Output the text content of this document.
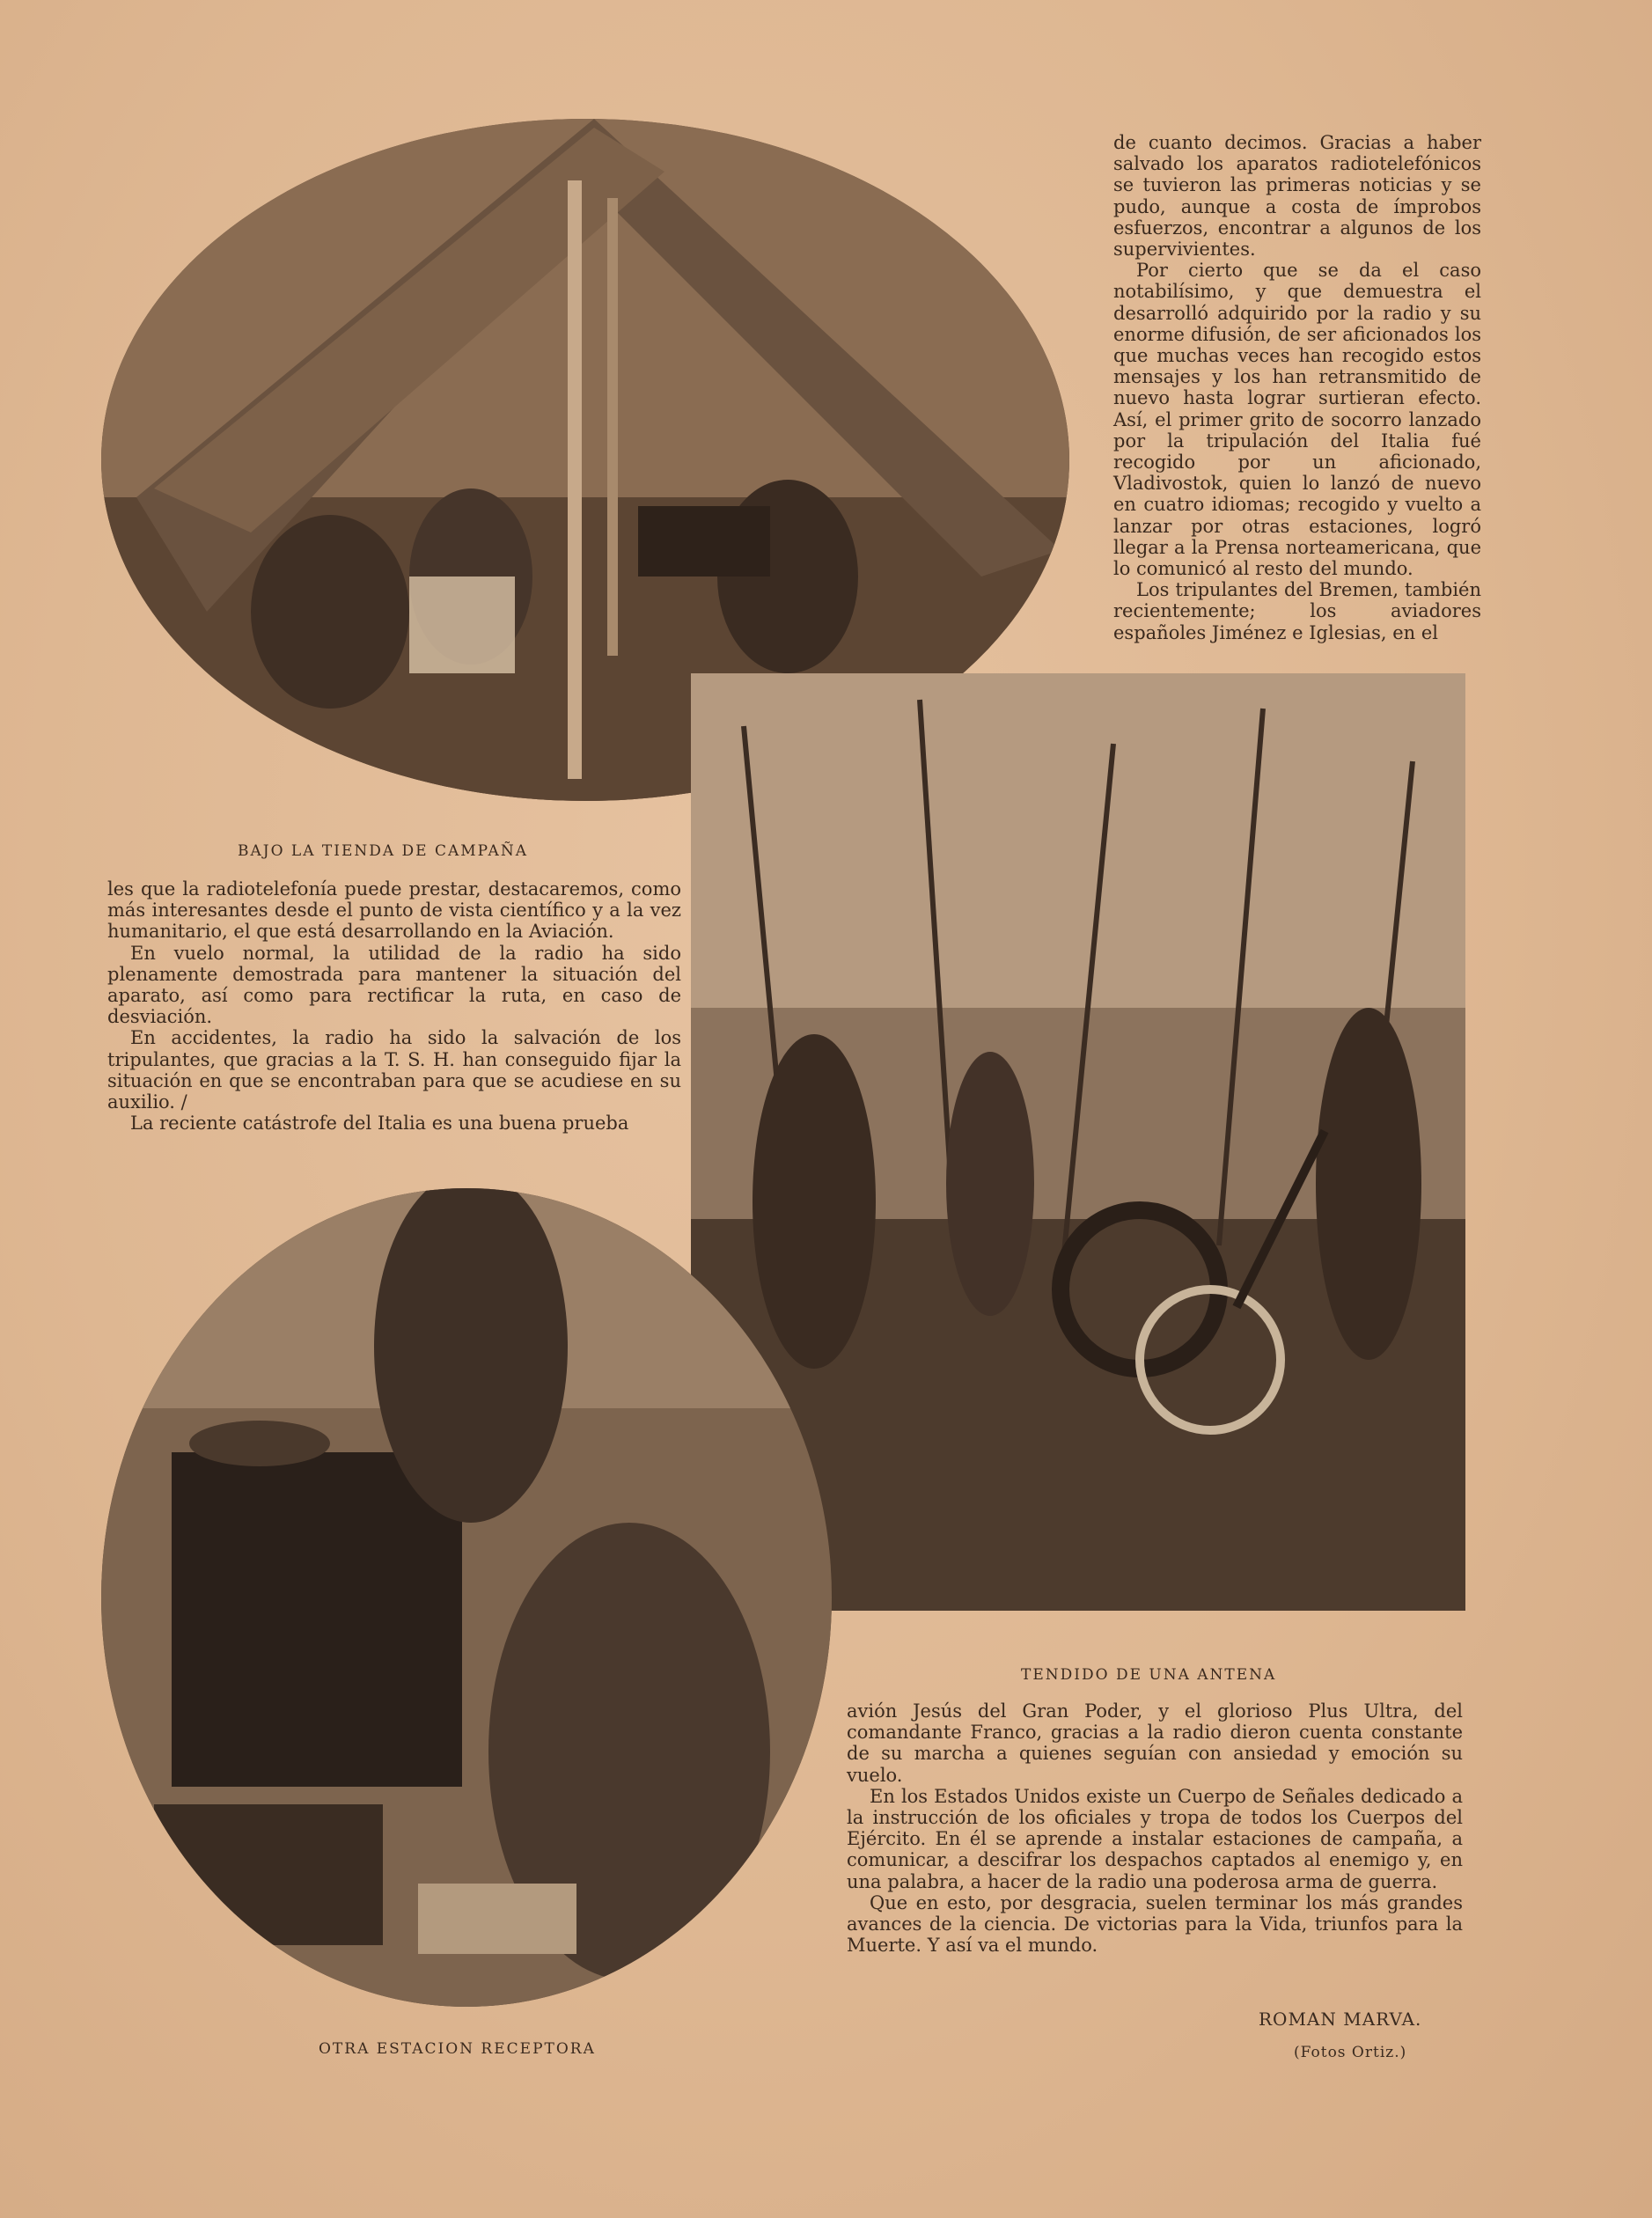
de cuanto decimos. Gracias a haber salvado los aparatos radiotelefónicos se tuvieron las primeras noticias y se pudo, aunque a costa de ímprobos esfuerzos, encontrar a algunos de los supervivientes.

Por cierto que se da el caso notabilísimo, y que demuestra el desarrolló adquirido por la radio y su enorme difusión, de ser aficionados los que muchas veces han recogido estos mensajes y los han retransmitido de nuevo hasta lograr surtieran efecto. Así, el primer grito de socorro lanzado por la tripulación del Italia fué recogido por un aficionado, Vladivostok, quien lo lanzó de nuevo en cuatro idiomas; recogido y vuelto a lanzar por otras estaciones, logró llegar a la Prensa norteamericana, que lo comunicó al resto del mundo.

Los tripulantes del Bremen, también recientemente; los aviadores españoles Jiménez e Iglesias, en el

BAJO LA TIENDA DE CAMPAÑA

les que la radiotelefonía puede prestar, destacaremos, como más interesantes desde el punto de vista científico y a la vez humanitario, el que está desarrollando en la Aviación.

En vuelo normal, la utilidad de la radio ha sido plenamente demostrada para mantener la situación del aparato, así como para rectificar la ruta, en caso de desviación.

En accidentes, la radio ha sido la salvación de los tripulantes, que gracias a la T. S. H. han conseguido fijar la situación en que se encontraban para que se acudiese en su auxilio. /

La reciente catástrofe del Italia es una buena prueba

TENDIDO DE UNA ANTENA

avión Jesús del Gran Poder, y el glorioso Plus Ultra, del comandante Franco, gracias a la radio dieron cuenta constante de su marcha a quienes seguían con ansiedad y emoción su vuelo.

En los Estados Unidos existe un Cuerpo de Señales dedicado a la instrucción de los oficiales y tropa de todos los Cuerpos del Ejército. En él se aprende a instalar estaciones de campaña, a comunicar, a descifrar los despachos captados al enemigo y, en una palabra, a hacer de la radio una poderosa arma de guerra.

Que en esto, por desgracia, suelen terminar los más grandes avances de la ciencia. De victorias para la Vida, triunfos para la Muerte. Y así va el mundo.

ROMAN MARVA.
(Fotos Ortiz.)
OTRA ESTACION RECEPTORA
